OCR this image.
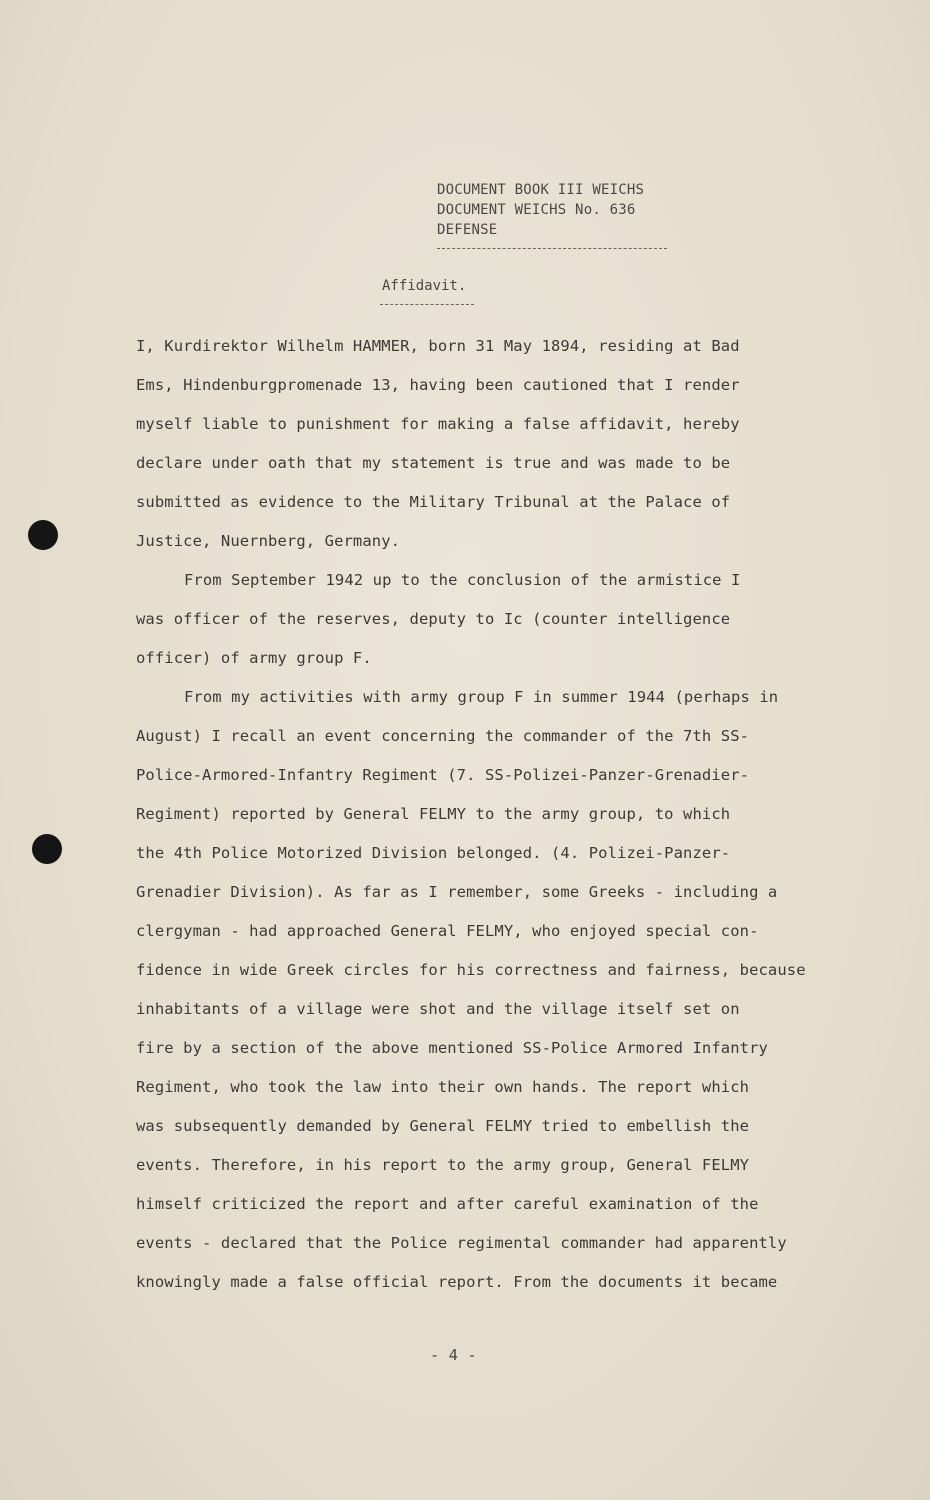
DOCUMENT BOOK III WEICHS
DOCUMENT WEICHS No. 636
DEFENSE
Affidavit.
I, Kurdirektor Wilhelm HAMMER, born 31 May 1894, residing at Bad
Ems, Hindenburgpromenade 13, having been cautioned that I render
myself liable to punishment for making a false affidavit, hereby
declare under oath that my statement is true and was made to be
submitted as evidence to the Military Tribunal at the Palace of
Justice, Nuernberg, Germany.
From September 1942 up to the conclusion of the armistice I
was officer of the reserves, deputy to Ic (counter intelligence
officer) of army group F.
From my activities with army group F in summer 1944 (perhaps in
August) I recall an event concerning the commander of the 7th SS-
Police-Armored-Infantry Regiment (7. SS-Polizei-Panzer-Grenadier-
Regiment) reported by General FELMY to the army group, to which
the 4th Police Motorized Division belonged. (4. Polizei-Panzer-
Grenadier Division). As far as I remember, some Greeks - including a
clergyman - had approached General FELMY, who enjoyed special con-
fidence in wide Greek circles for his correctness and fairness, because
inhabitants of a village were shot and the village itself set on
fire by a section of the above mentioned SS-Police Armored Infantry
Regiment, who took the law into their own hands. The report which
was subsequently demanded by General FELMY tried to embellish the
events. Therefore, in his report to the army group, General FELMY
himself criticized the report and after careful examination of the
events - declared that the Police regimental commander had apparently
knowingly made a false official report. From the documents it became
- 4 -
